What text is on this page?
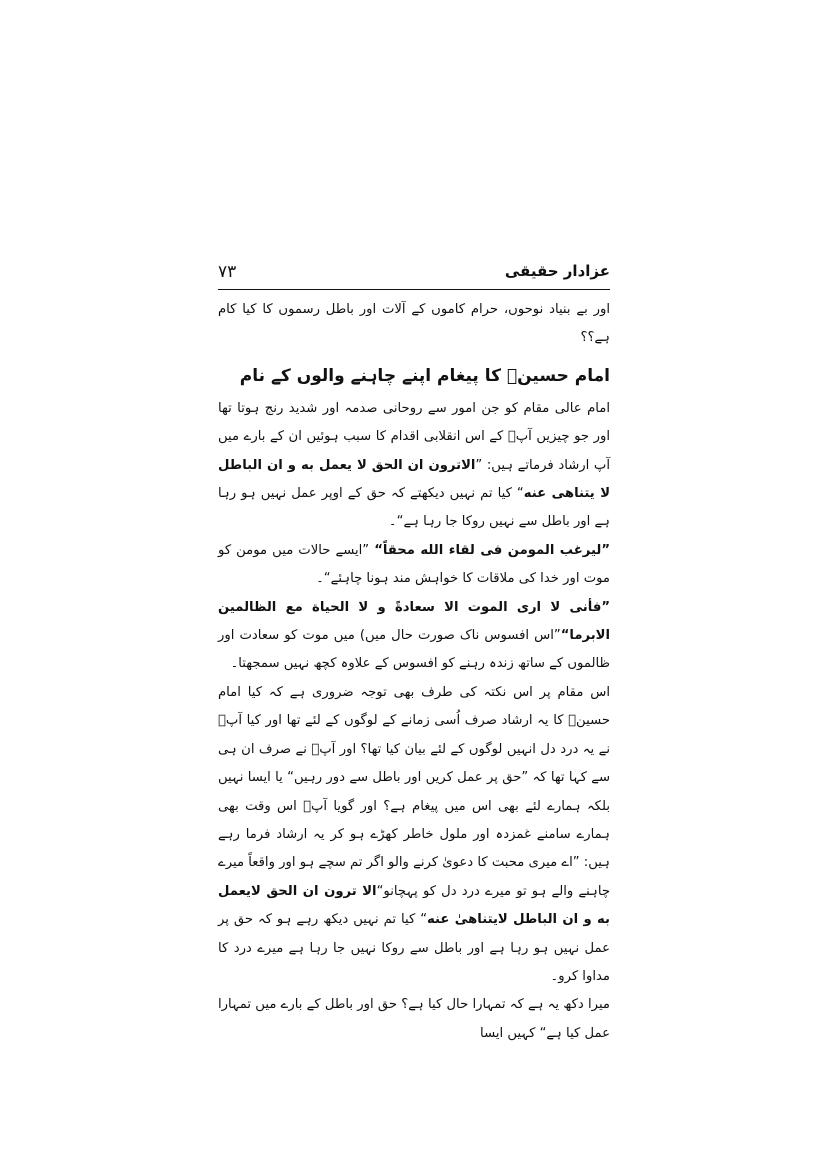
عزادار حقیقی
۷۳

اور بے بنیاد نوحوں، حرام کاموں کے آلات اور باطل رسموں کا کیا کام ہے؟؟

امام حسینؑ کا پیغام اپنے چاہنے والوں کے نام

امام عالی مقام کو جن امور سے روحانی صدمہ اور شدید رنج ہوتا تھا اور جو چیزیں آپؑ کے اس انقلابی اقدام کا سبب ہوئیں ان کے بارے میں آپ ارشاد فرماتے ہیں: ”الاترون ان الحق لا یعمل به و ان الباطل لا یتناهی عنه“ کیا تم نہیں دیکھتے کہ حق کے اوپر عمل نہیں ہو رہا ہے اور باطل سے نہیں روکا جا رہا ہے“۔

”لیرغب المومن فی لقاء الله محقاً“ ”ایسے حالات میں مومن کو موت اور خدا کی ملاقات کا خواہش مند ہونا چاہئے“۔

”فأنی لا اری الموت الا سعادةً و لا الحیاة مع الظالمین الابرما“”اس افسوس ناک صورت حال میں) میں موت کو سعادت اور ظالموں کے ساتھ زندہ رہنے کو افسوس کے علاوہ کچھ نہیں سمجھتا۔

اس مقام پر اس نکتہ کی طرف بھی توجہ ضروری ہے کہ کیا امام حسینؑ کا یہ ارشاد صرف اُسی زمانے کے لوگوں کے لئے تھا اور کیا آپؑ نے یہ درد دل انہیں لوگوں کے لئے بیان کیا تھا؟ اور آپؑ نے صرف ان ہی سے کہا تھا کہ ”حق پر عمل کریں اور باطل سے دور رہیں“ یا ایسا نہیں بلکہ ہمارے لئے بھی اس میں پیغام ہے؟ اور گویا آپؑ اس وقت بھی ہمارے سامنے غمزدہ اور ملول خاطر کھڑے ہو کر یہ ارشاد فرما رہے ہیں: ”اے میری محبت کا دعویٰ کرنے والو اگر تم سچے ہو اور واقعاً میرے چاہنے والے ہو تو میرے درد دل کو پہچانو“الا ترون ان الحق لایعمل به و ان الباطل لایتناهیٰ عنه“ کیا تم نہیں دیکھ رہے ہو کہ حق پر عمل نہیں ہو رہا ہے اور باطل سے روکا نہیں جا رہا ہے میرے درد کا مداوا کرو۔

میرا دکھ یہ ہے کہ تمہارا حال کیا ہے؟ حق اور باطل کے بارے میں تمہارا عمل کیا ہے“ کہیں ایسا
